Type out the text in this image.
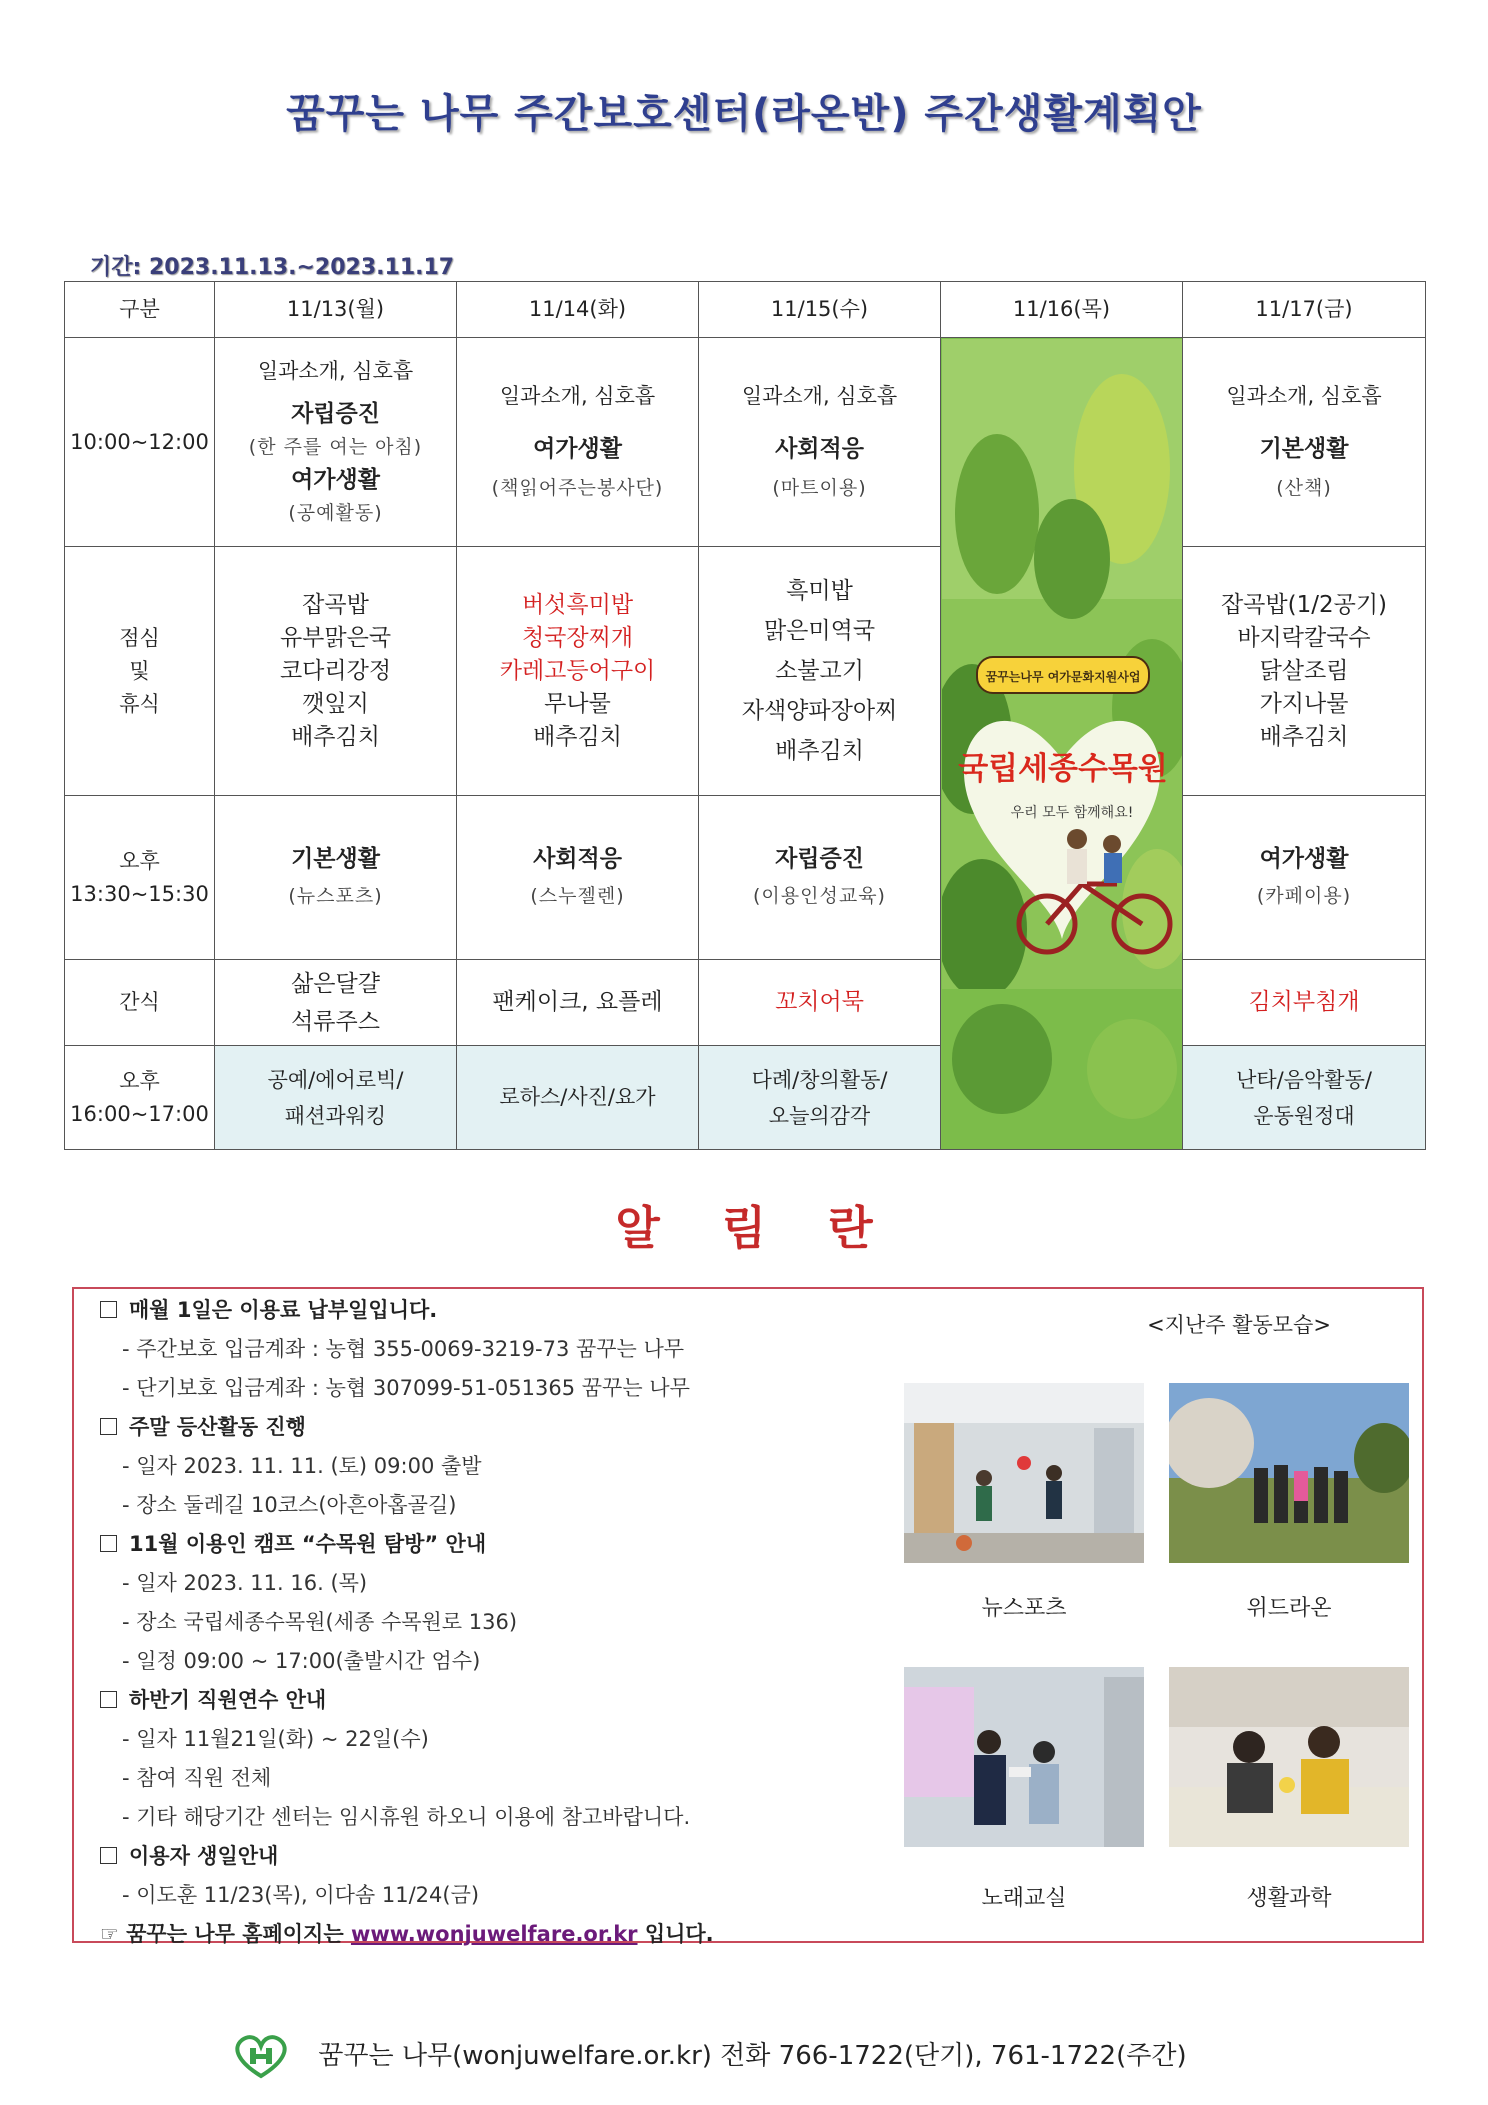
꿈꾸는 나무 주간보호센터(라온반) 주간생활계획안
기간: 2023.11.13.~2023.11.17
구분	11/13(월)	11/14(화)	11/15(수)	11/16(목)	11/17(금)
10:00~12:00	일과소개, 심호흡
자립증진
(한 주를 여는 아침)
여가생활
(공예활동)	일과소개, 심호흡
여가생활
(책읽어주는봉사단)	일과소개, 심호흡
사회적응
(마트이용)	꿈꾸는나무 여가문화지원사업
국립세종수목원
우리 모두 함께해요!	일과소개, 심호흡
기본생활
(산책)

점심
및
휴식	잡곡밥
유부맑은국
코다리강정
깻잎지
배추김치	버섯흑미밥
청국장찌개
카레고등어구이
무나물
배추김치	흑미밥
맑은미역국
소불고기
자색양파장아찌
배추김치		잡곡밥(1/2공기)
바지락칼국수
닭살조림
가지나물
배추김치

오후
13:30~15:30	기본생활
(뉴스포츠)	사회적응
(스누젤렌)	자립증진
(이용인성교육)		여가생활
(카페이용)

간식	삶은달걀
석류주스	팬케이크, 요플레	꼬치어묵		김치부침개

오후
16:00~17:00	공예/에어로빅/
패션과워킹	로하스/사진/요가	다례/창의활동/
오늘의감각		난타/음악활동/
운동원정대
알림란
매월 1일은 이용료 납부일입니다.
- 주간보호 입금계좌 : 농협 355-0069-3219-73 꿈꾸는 나무
- 단기보호 입금계좌 : 농협 307099-51-051365 꿈꾸는 나무
주말 등산활동 진행
- 일자 2023. 11. 11. (토) 09:00 출발
- 장소 둘레길 10코스(아흔아홉골길)
11월 이용인 캠프 “수목원 탐방” 안내
- 일자 2023. 11. 16. (목)
- 장소 국립세종수목원(세종 수목원로 136)
- 일정 09:00 ~ 17:00(출발시간 엄수)
하반기 직원연수 안내
- 일자 11월21일(화) ~ 22일(수)
- 참여 직원 전체
- 기타 해당기간 센터는 임시휴원 하오니 이용에 참고바랍니다.
이용자 생일안내
- 이도훈 11/23(목), 이다솜 11/24(금)
☞ 꿈꾸는 나무 홈페이지는 www.wonjuwelfare.or.kr 입니다.
<지난주 활동모습>
뉴스포츠	위드라온
노래교실	생활과학
꿈꾸는 나무(wonjuwelfare.or.kr) 전화 766-1722(단기), 761-1722(주간)
